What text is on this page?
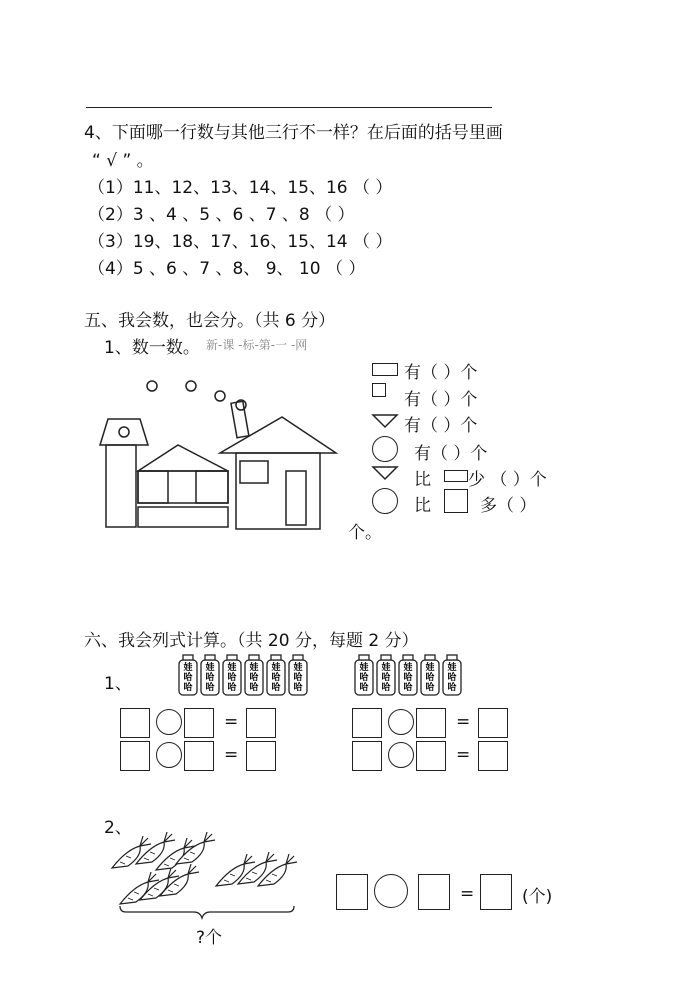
4、下面哪一行数与其他三行不一样？在后面的括号里画
“ √ ” 。
（1）11、12、13、14、15、16 （ ）
（2）3 、4 、5 、6 、7 、8 （ ）
（3）19、18、17、16、15、14 （ ）
（4）5 、6 、7 、8、 9、 10 （ ）
五、我会数，也会分。（共 6 分）
1、数一数。 新-课 -标-第-一 -网
有（ ）个
有（ ）个
有（ ）个
有（ ）个
比 少 （ ）个
比	多（ ）
个。
六、我会列式计算。（共 20 分，每题 2 分）
1、
娃
哈
哈
娃
哈
哈
娃
哈
哈
娃
哈
哈
娃
哈
哈
娃
哈
哈
娃
哈
哈
娃
哈
哈
娃
哈
哈
娃
哈
哈
娃
哈
哈
=
=
=
=
2、
?个
=	(个)
